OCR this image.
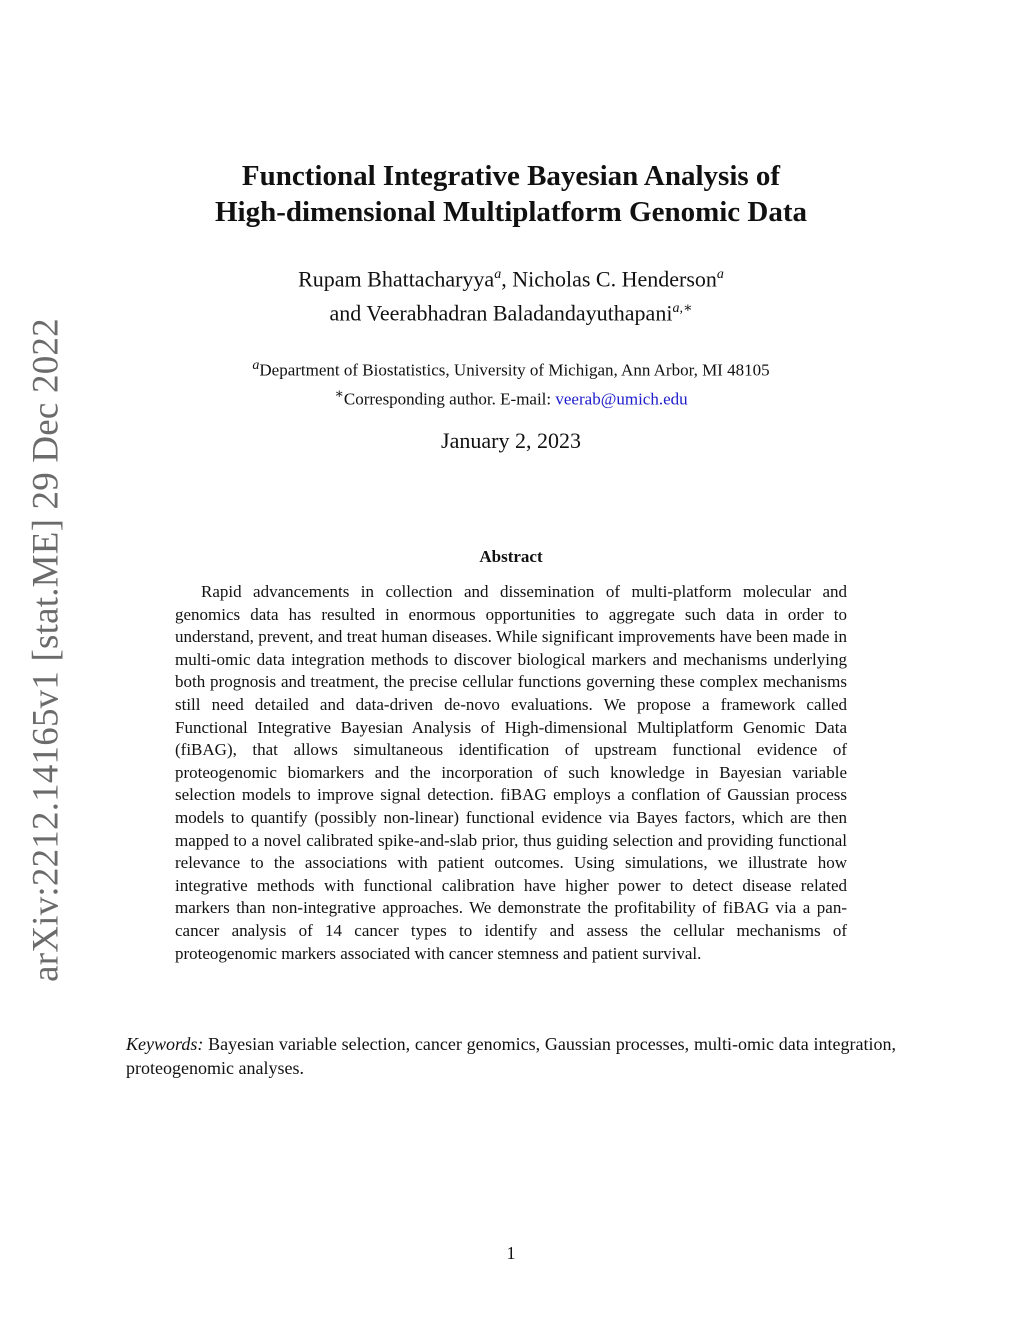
arXiv:2212.14165v1 [stat.ME] 29 Dec 2022
Functional Integrative Bayesian Analysis of
High-dimensional Multiplatform Genomic Data
Rupam Bhattacharyya$^a$, Nicholas C. Henderson$^a$
and Veerabhadran Baladandayuthapani$^{a,∗}$
$^a$Department of Biostatistics, University of Michigan, Ann Arbor, MI 48105
∗Corresponding author. E-mail: veerab@umich.edu
January 2, 2023
Abstract

Rapid advancements in collection and dissemination of multi-platform molecular and genomics data has resulted in enormous opportunities to aggregate such data in order to understand, prevent, and treat human diseases. While significant improvements have been made in multi-omic data integration methods to discover biological markers and mechanisms underlying both prognosis and treatment, the precise cellular functions governing these complex mechanisms still need detailed and data-driven de-novo evaluations. We propose a framework called Functional Integrative Bayesian Analysis of High-dimensional Multiplatform Genomic Data (fiBAG), that allows simultaneous identification of upstream functional evidence of proteogenomic biomarkers and the incorporation of such knowledge in Bayesian variable selection models to improve signal detection. fiBAG employs a conflation of Gaussian process models to quantify (possibly non-linear) functional evidence via Bayes factors, which are then mapped to a novel calibrated spike-and-slab prior, thus guiding selection and providing functional relevance to the associations with patient outcomes. Using simulations, we illustrate how integrative methods with functional calibration have higher power to detect disease related markers than non-integrative approaches. We demonstrate the profitability of fiBAG via a pan-cancer analysis of 14 cancer types to identify and assess the cellular mechanisms of proteogenomic markers associated with cancer stemness and patient survival.

Keywords: Bayesian variable selection, cancer genomics, Gaussian processes, multi-omic data integration, proteogenomic analyses.

1
